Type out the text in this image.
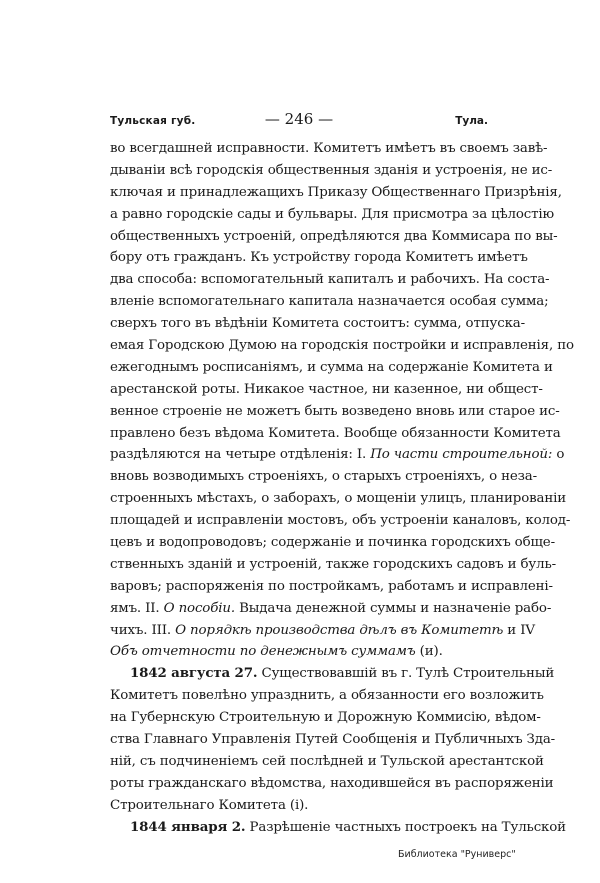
Тульская губ.	— 246 —	Тула.
во всегдашней исправности. Комитетъ имѣетъ въ своемъ завѣ-
дываніи всѣ городскія общественныя зданія и устроенія, не ис-
ключая и принадлежащихъ Приказу Общественнаго Призрѣнія,
а равно городскіе сады и бульвары. Для присмотра за цѣлостію
общественныхъ устроеній, опредѣляются два Коммисара по вы-
бору отъ гражданъ. Къ устройству города Комитетъ имѣетъ
два способа: вспомогательный капиталъ и рабочихъ. На соста-
вленіе вспомогательнаго капитала назначается особая сумма;
сверхъ того въ вѣдѣніи Комитета состоитъ: сумма, отпуска-
емая Городскою Думою на городскія постройки и исправленія, по
ежегоднымъ росписаніямъ, и сумма на содержаніе Комитета и
арестанской роты. Никакое частное, ни казенное, ни общест-
венное строеніе не можетъ быть возведено вновь или старое ис-
правлено безъ вѣдома Комитета. Вообще обязанности Комитета
раздѣляются на четыре отдѣленія: I. По части строительной: о
вновь возводимыхъ строеніяхъ, о старыхъ строеніяхъ, о неза-
строенныхъ мѣстахъ, о заборахъ, о мощеніи улицъ, планированіи
площадей и исправленіи мостовъ, объ устроеніи каналовъ, колод-
цевъ и водопроводовъ; содержаніе и починка городскихъ обще-
ственныхъ зданій и устроеній, также городскихъ садовъ и буль-
варовъ; распоряженія по постройкамъ, работамъ и исправлені-
ямъ. II. О пособіи. Выдача денежной суммы и назначеніе рабо-
чихъ. III. О порядкѣ производства дѣлъ въ Комитетѣ и IV
Объ отчетности по денежнымъ суммамъ (и).
1842 августа 27. Существовавшій въ г. Тулѣ Строительный
Комитетъ повелѣно упразднить, а обязанности его возложить
на Губернскую Строительную и Дорожную Коммисію, вѣдом-
ства Главнаго Управленія Путей Сообщенія и Публичныхъ Зда-
ній, съ подчиненіемъ сей послѣдней и Тульской арестантской
роты гражданскаго вѣдомства, находившейся въ распоряженіи
Строительнаго Комитета (і).
1844 января 2. Разрѣшеніе частныхъ построекъ на Тульской
Библиотека "Руниверс"
